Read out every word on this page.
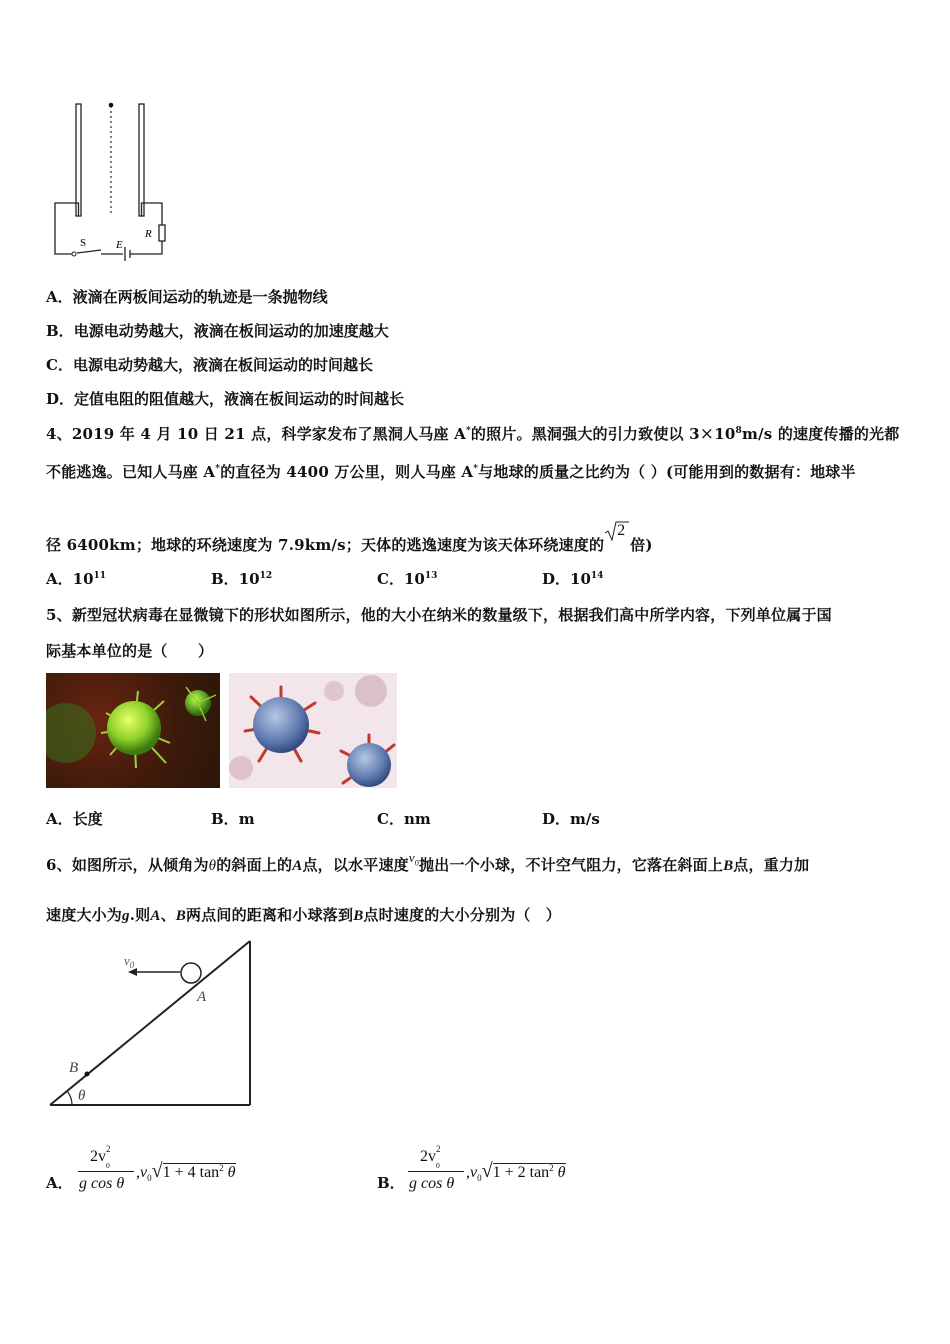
S	E
R
A．液滴在两板间运动的轨迹是一条抛物线
B．电源电动势越大，液滴在板间运动的加速度越大
C．电源电动势越大，液滴在板间运动的时间越长
D．定值电阻的阻值越大，液滴在板间运动的时间越长
4、2019 年 4 月 10 日 21 点，科学家发布了黑洞人马座 A*的照片。黑洞强大的引力致使以 $3\times 10^8m/s$ 的速度传播的光都
不能逃逸。已知人马座 A*的直径为 4400 万公里，则人马座 A*与地球的质量之比约为（ ）(可能用到的数据有：地球半
径 6400km；地球的环绕速度为 7.9km/s；天体的逃逸速度为该天体环绕速度的
2
倍)
A．$10^{11}$	B．$10^{12}$	C．$10^{13}$	D．$10^{14}$
5、新型冠状病毒在显微镜下的形状如图所示，他的大小在纳米的数量级下，根据我们高中所学内容，下列单位属于国
际基本单位的是（　　）
A．长度	B．m	C．nm	D．m/s
6、如图所示，从倾角为θ的斜面上的A点，以水平速度$v_0$抛出一个小球，不计空气阻力，它落在斜面上B点，重力加
速度大小为g.则A、B两点间的距离和小球落到B点时速度的大小分别为（　）
$v_0$
A
B
θ
A．
2v 2
0
g cos θ
$,v_0√1 + 4$ $\tan^2 \theta$
B．
2v 2
0
g cos θ
$,v_0√1 + 2$ $\tan^2 \theta$
